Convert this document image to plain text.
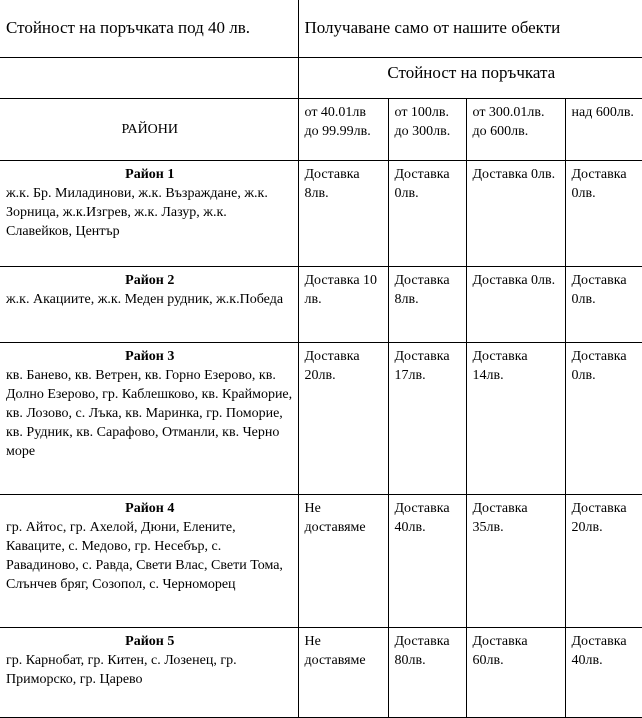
Стойност на поръчката под 40 лв.	Получаване само от нашите обекти			
	Стойност на поръчката			
РАЙОНИ	от 40.01лв до 99.99лв.	от 100лв. до 300лв.	от 300.01лв. до 600лв.	над 600лв.

Район 1
ж.к. Бр. Миладинови, ж.к. Възраждане, ж.к. Зорница, ж.к.Изгрев, ж.к. Лазур, ж.к. Славейков, Център	Доставка 8лв.	Доставка 0лв.	Доставка 0лв.	Доставка 0лв.

Район 2
ж.к. Акациите, ж.к. Меден рудник, ж.к.Победа	Доставка 10 лв.	Доставка 8лв.	Доставка 0лв.	Доставка 0лв.

Район 3
кв. Банево, кв. Ветрен, кв. Горно Езерово, кв. Долно Езерово, гр. Каблешково, кв. Крайморие, кв. Лозово, с. Лъка, кв. Маринка, гр. Поморие, кв. Рудник, кв. Сарафово, Отманли, кв. Черно море	Доставка 20лв.	Доставка 17лв.	Доставка 14лв.	Доставка 0лв.

Район 4
гр. Айтос, гр. Ахелой, Дюни, Елените, Каваците, с. Медово, гр. Несебър, с. Равадиново, с. Равда, Свети Влас, Свети Тома, Слънчев бряг, Созопол, с. Черноморец	Не доставяме	Доставка 40лв.	Доставка 35лв.	Доставка 20лв.

Район 5
гр. Карнобат, гр. Китен, с. Лозенец, гр. Приморско, гр. Царево	Не доставяме	Доставка 80лв.	Доставка 60лв.	Доставка 40лв.
